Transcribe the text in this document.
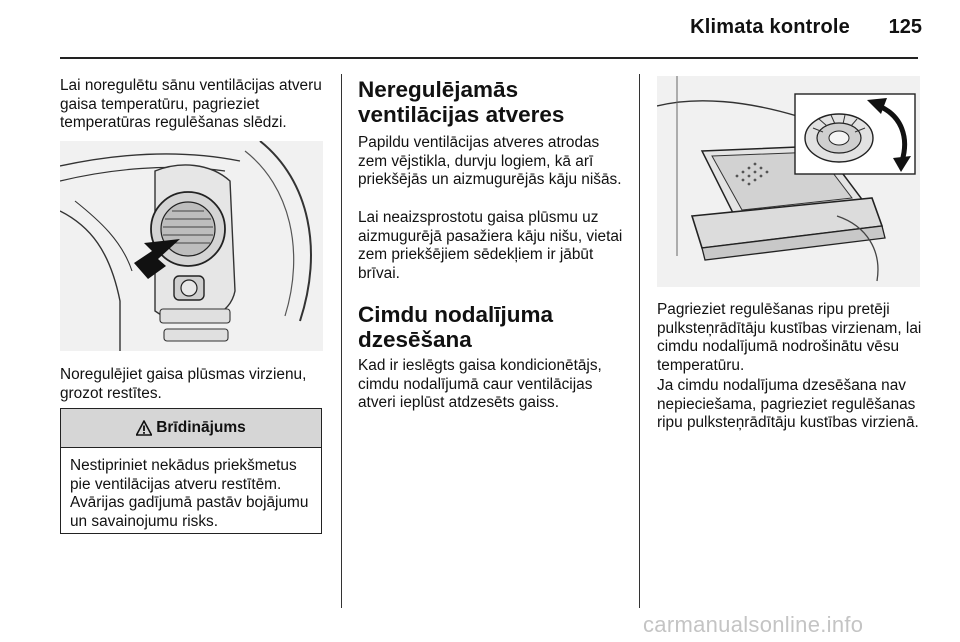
Klimata kontrole	125

Lai noregulētu sānu ventilācijas atveru gaisa temperatūru, pagrieziet temperatūras regulēšanas slēdzi.

Noregulējiet gaisa plūsmas virzienu, grozot restītes.

Brīdinājums
Nestipriniet nekādus priekšmetus pie ventilācijas atveru restītēm. Avārijas gadījumā pastāv bojājumu un savainojumu risks.
Neregulējamās ventilācijas atveres

Papildu ventilācijas atveres atrodas zem vējstikla, durvju logiem, kā arī priekšējās un aizmugurējās kāju nišās.

Lai neaizsprostotu gaisa plūsmu uz aizmugurējā pasažiera kāju nišu, vietai zem priekšējiem sēdekļiem ir jābūt brīvai.

Cimdu nodalījuma dzesēšana

Kad ir ieslēgts gaisa kondicionētājs, cimdu nodalījumā caur ventilācijas atveri ieplūst atdzesēts gaiss.

Pagrieziet regulēšanas ripu pretēji pulksteņrādītāju kustības virzienam, lai cimdu nodalījumā nodrošinātu vēsu temperatūru.

Ja cimdu nodalījuma dzesēšana nav nepieciešama, pagrieziet regulēšanas ripu pulksteņrādītāju kustības virzienā.

carmanualsonline.info
